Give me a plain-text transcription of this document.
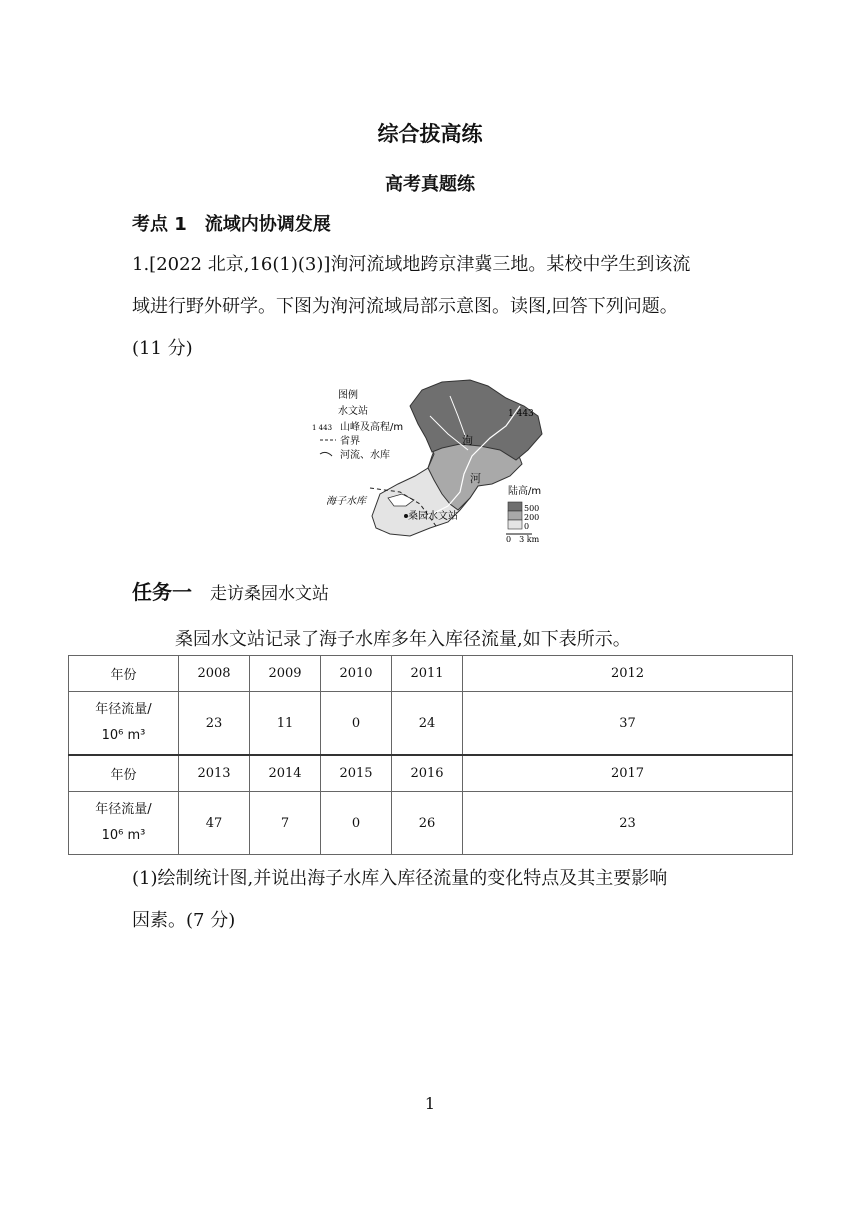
综合拔高练
高考真题练
考点 1　流域内协调发展
1.[2022 北京,16(1)(3)]洵河流域地跨京津冀三地。某校中学生到该流
域进行野外研学。下图为洵河流域局部示意图。读图,回答下列问题。
(11 分)
图例
水文站
1 443 山峰及高程/m
省界
河流、水库
1 443
洵
河
海子水库
桑园水文站
陆高/m
500
200
0
0　3 km
任务一 走访桑园水文站
桑园水文站记录了海子水库多年入库径流量,如下表所示。
年份	2008	2009	2010	2011	2012

年径流量/
10⁶ m³	23	11	0	24	37
年份	2013	2014	2015	2016	2017

年径流量/
10⁶ m³	47	7	0	26	23
(1)绘制统计图,并说出海子水库入库径流量的变化特点及其主要影响
因素。(7 分)
1
